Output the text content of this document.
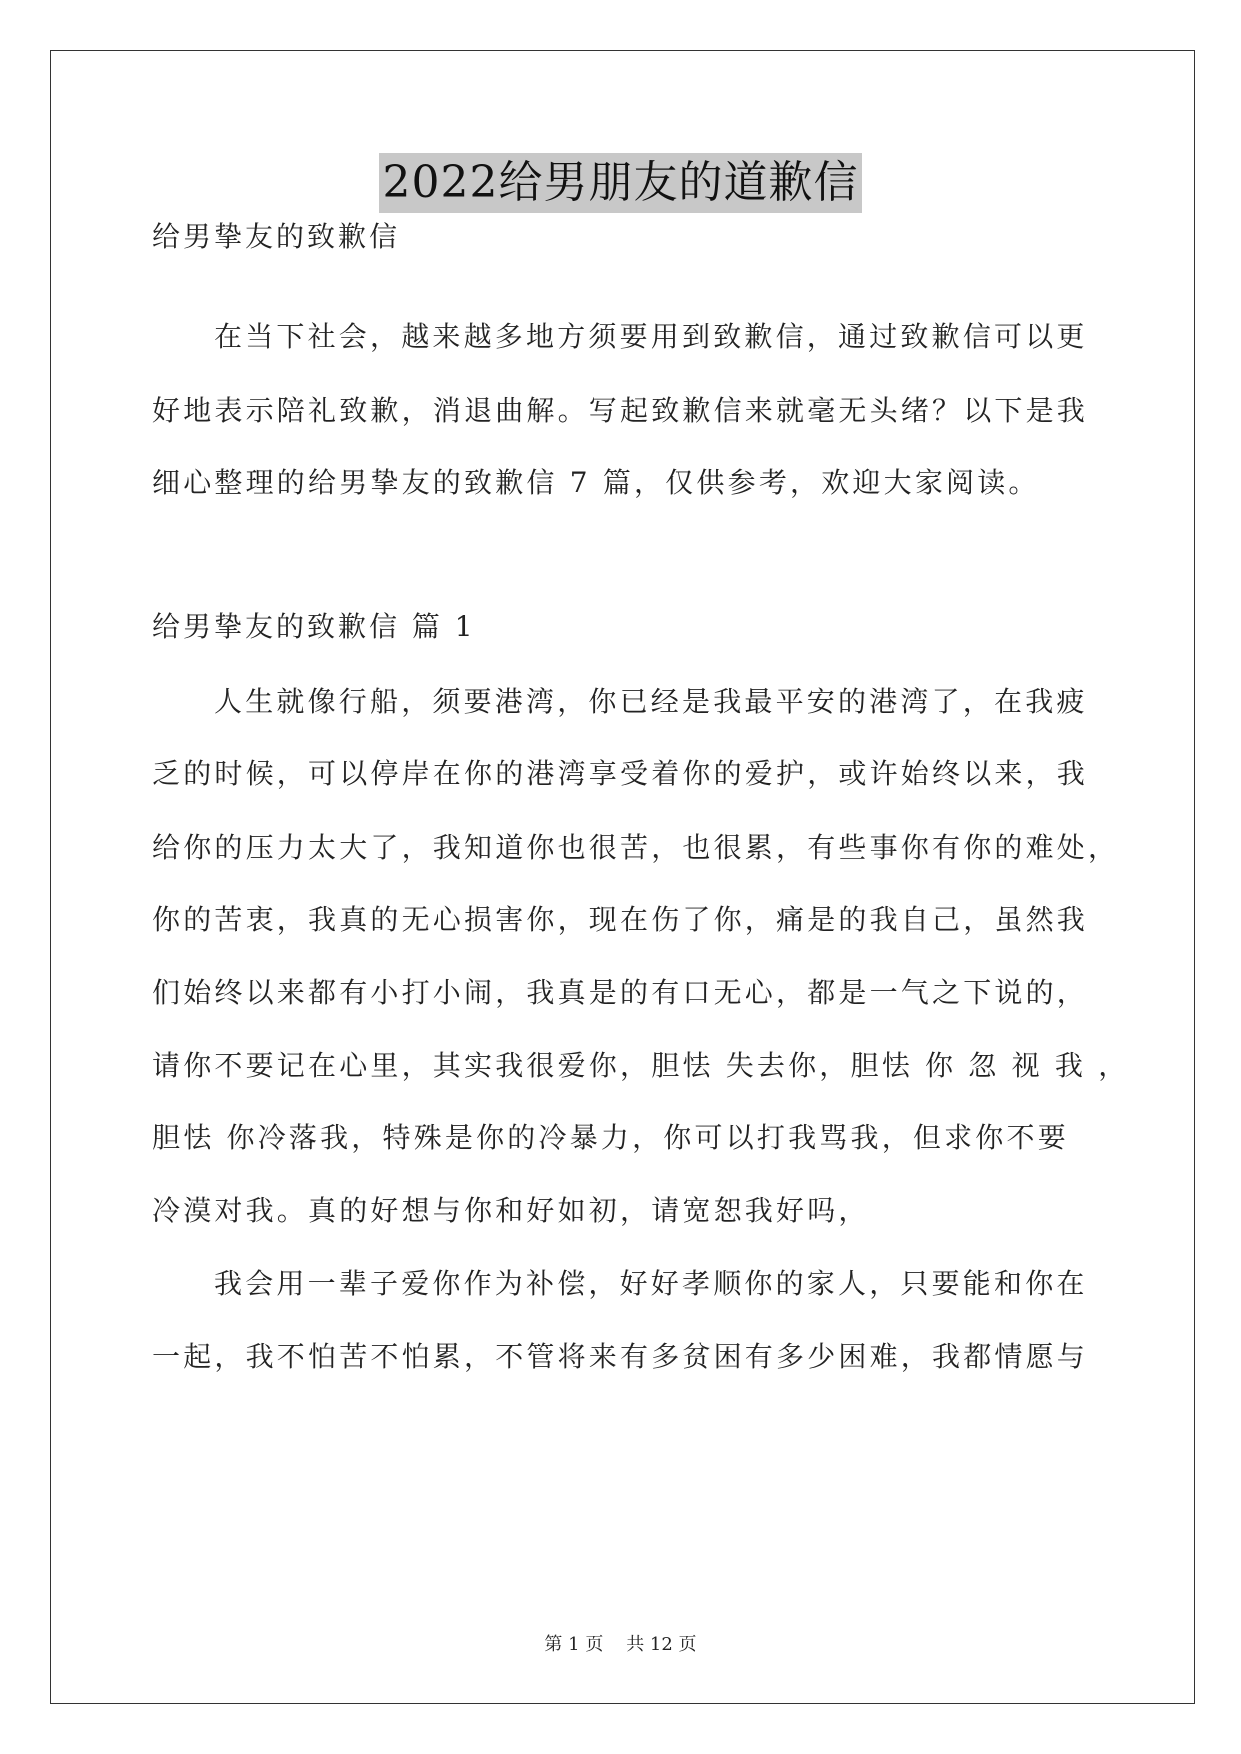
2022给男朋友的道歉信
给男挚友的致歉信
在当下社会，越来越多地方须要用到致歉信，通过致歉信可以更
好地表示陪礼致歉，消退曲解。写起致歉信来就毫无头绪？以下是我
细心整理的给男挚友的致歉信 7 篇，仅供参考，欢迎大家阅读。
给男挚友的致歉信 篇 1
人生就像行船，须要港湾，你已经是我最平安的港湾了，在我疲
乏的时候，可以停岸在你的港湾享受着你的爱护，或许始终以来，我
给你的压力太大了，我知道你也很苦，也很累，有些事你有你的难处，
你的苦衷，我真的无心损害你，现在伤了你，痛是的我自己，虽然我
们始终以来都有小打小闹，我真是的有口无心，都是一气之下说的，
请你不要记在心里，其实我很爱你，胆怯 失去你，胆怯 你 忽 视 我 ，
胆怯 你冷落我，特殊是你的冷暴力，你可以打我骂我，但求你不要
冷漠对我。真的好想与你和好如初，请宽恕我好吗，
我会用一辈子爱你作为补偿，好好孝顺你的家人，只要能和你在
一起，我不怕苦不怕累，不管将来有多贫困有多少困难，我都情愿与
第 1 页    共 12 页
